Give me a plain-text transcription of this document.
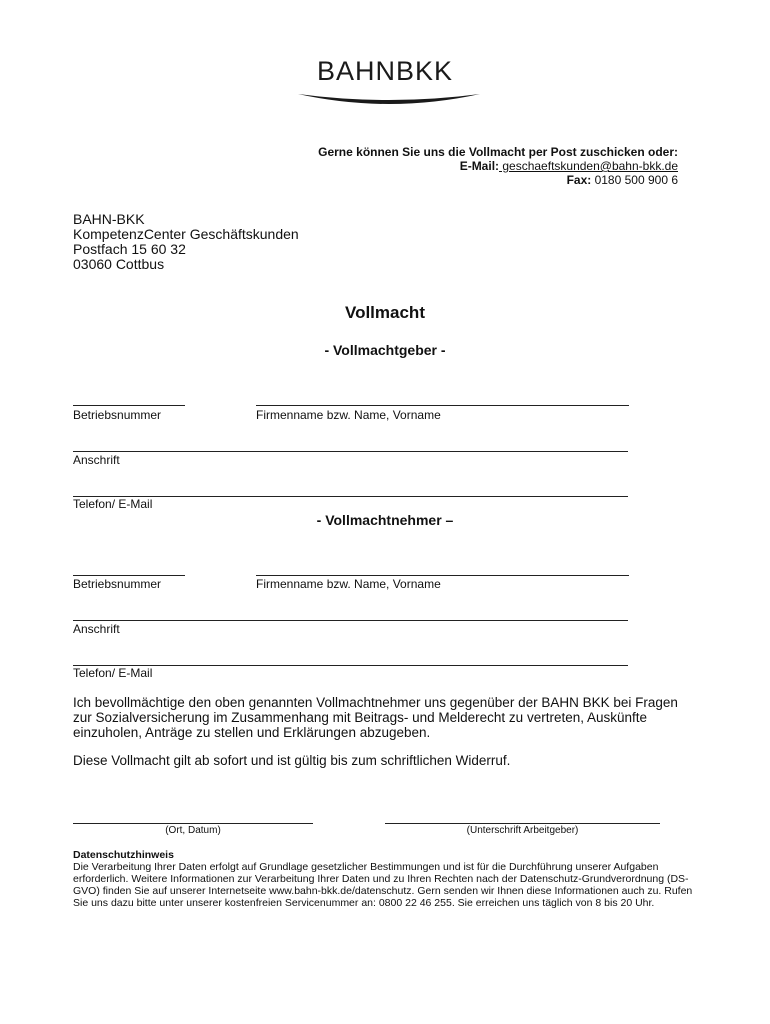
BAHNBKK
Gerne können Sie uns die Vollmacht per Post zuschicken oder:
E-Mail: geschaeftskunden@bahn-bkk.de
Fax: 0180 500 900 6
BAHN-BKK
KompetenzCenter Geschäftskunden
Postfach 15 60 32
03060 Cottbus
Vollmacht
- Vollmachtgeber -
Betriebsnummer	Firmenname bzw. Name, Vorname
Anschrift
Telefon/ E-Mail
- Vollmachtnehmer –
Betriebsnummer	Firmenname bzw. Name, Vorname
Anschrift
Telefon/ E-Mail
Ich bevollmächtige den oben genannten Vollmachtnehmer uns gegenüber der BAHN BKK bei Fragen zur Sozialversicherung im Zusammenhang mit Beitrags- und Melderecht zu vertreten, Auskünfte einzuholen, Anträge zu stellen und Erklärungen abzugeben.
Diese Vollmacht gilt ab sofort und ist gültig bis zum schriftlichen Widerruf.
(Ort, Datum)	(Unterschrift Arbeitgeber)
Datenschutzhinweis
Die Verarbeitung Ihrer Daten erfolgt auf Grundlage gesetzlicher Bestimmungen und ist für die Durchführung unserer Aufgaben erforderlich. Weitere Informationen zur Verarbeitung Ihrer Daten und zu Ihren Rechten nach der Datenschutz-Grundverordnung (DS-GVO) finden Sie auf unserer Internetseite www.bahn-bkk.de/datenschutz. Gern senden wir Ihnen diese Informationen auch zu. Rufen Sie uns dazu bitte unter unserer kostenfreien Servicenummer an: 0800 22 46 255. Sie erreichen uns täglich von 8 bis 20 Uhr.
